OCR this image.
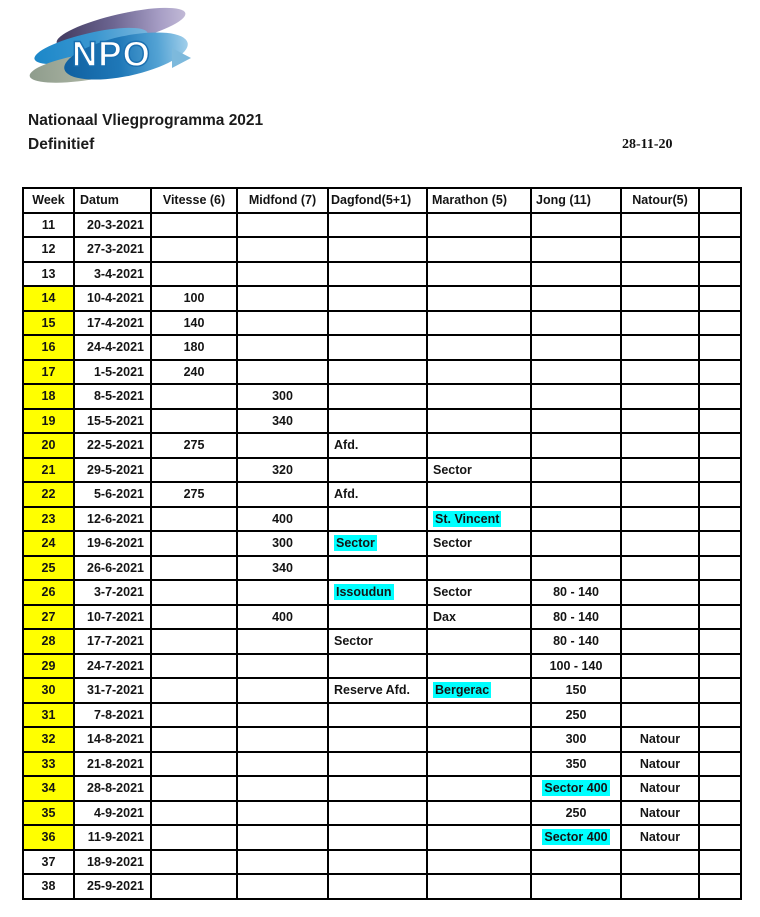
NPO
Nationaal Vliegprogramma 2021
Definitief	28-11-20
Week	Datum	Vitesse (6)	Midfond (7)	Dagfond(5+1)	Marathon (5)	Jong (11)	Natour(5)	
11	20-3-2021							
12	27-3-2021							
13	3-4-2021							
14	10-4-2021	100						
15	17-4-2021	140						
16	24-4-2021	180						
17	1-5-2021	240						
18	8-5-2021		300					
19	15-5-2021		340					
20	22-5-2021	275		Afd.				
21	29-5-2021		320		Sector			
22	5-6-2021	275		Afd.				
23	12-6-2021		400		St. Vincent			
24	19-6-2021		300	Sector	Sector			
25	26-6-2021		340					
26	3-7-2021			Issoudun	Sector	80 - 140		
27	10-7-2021		400		Dax	80 - 140		
28	17-7-2021			Sector		80 - 140		
29	24-7-2021					100 - 140		
30	31-7-2021			Reserve Afd.	Bergerac	150		
31	7-8-2021					250		
32	14-8-2021					300	Natour	
33	21-8-2021					350	Natour	
34	28-8-2021					Sector 400	Natour	
35	4-9-2021					250	Natour	
36	11-9-2021					Sector 400	Natour	
37	18-9-2021							
38	25-9-2021							
